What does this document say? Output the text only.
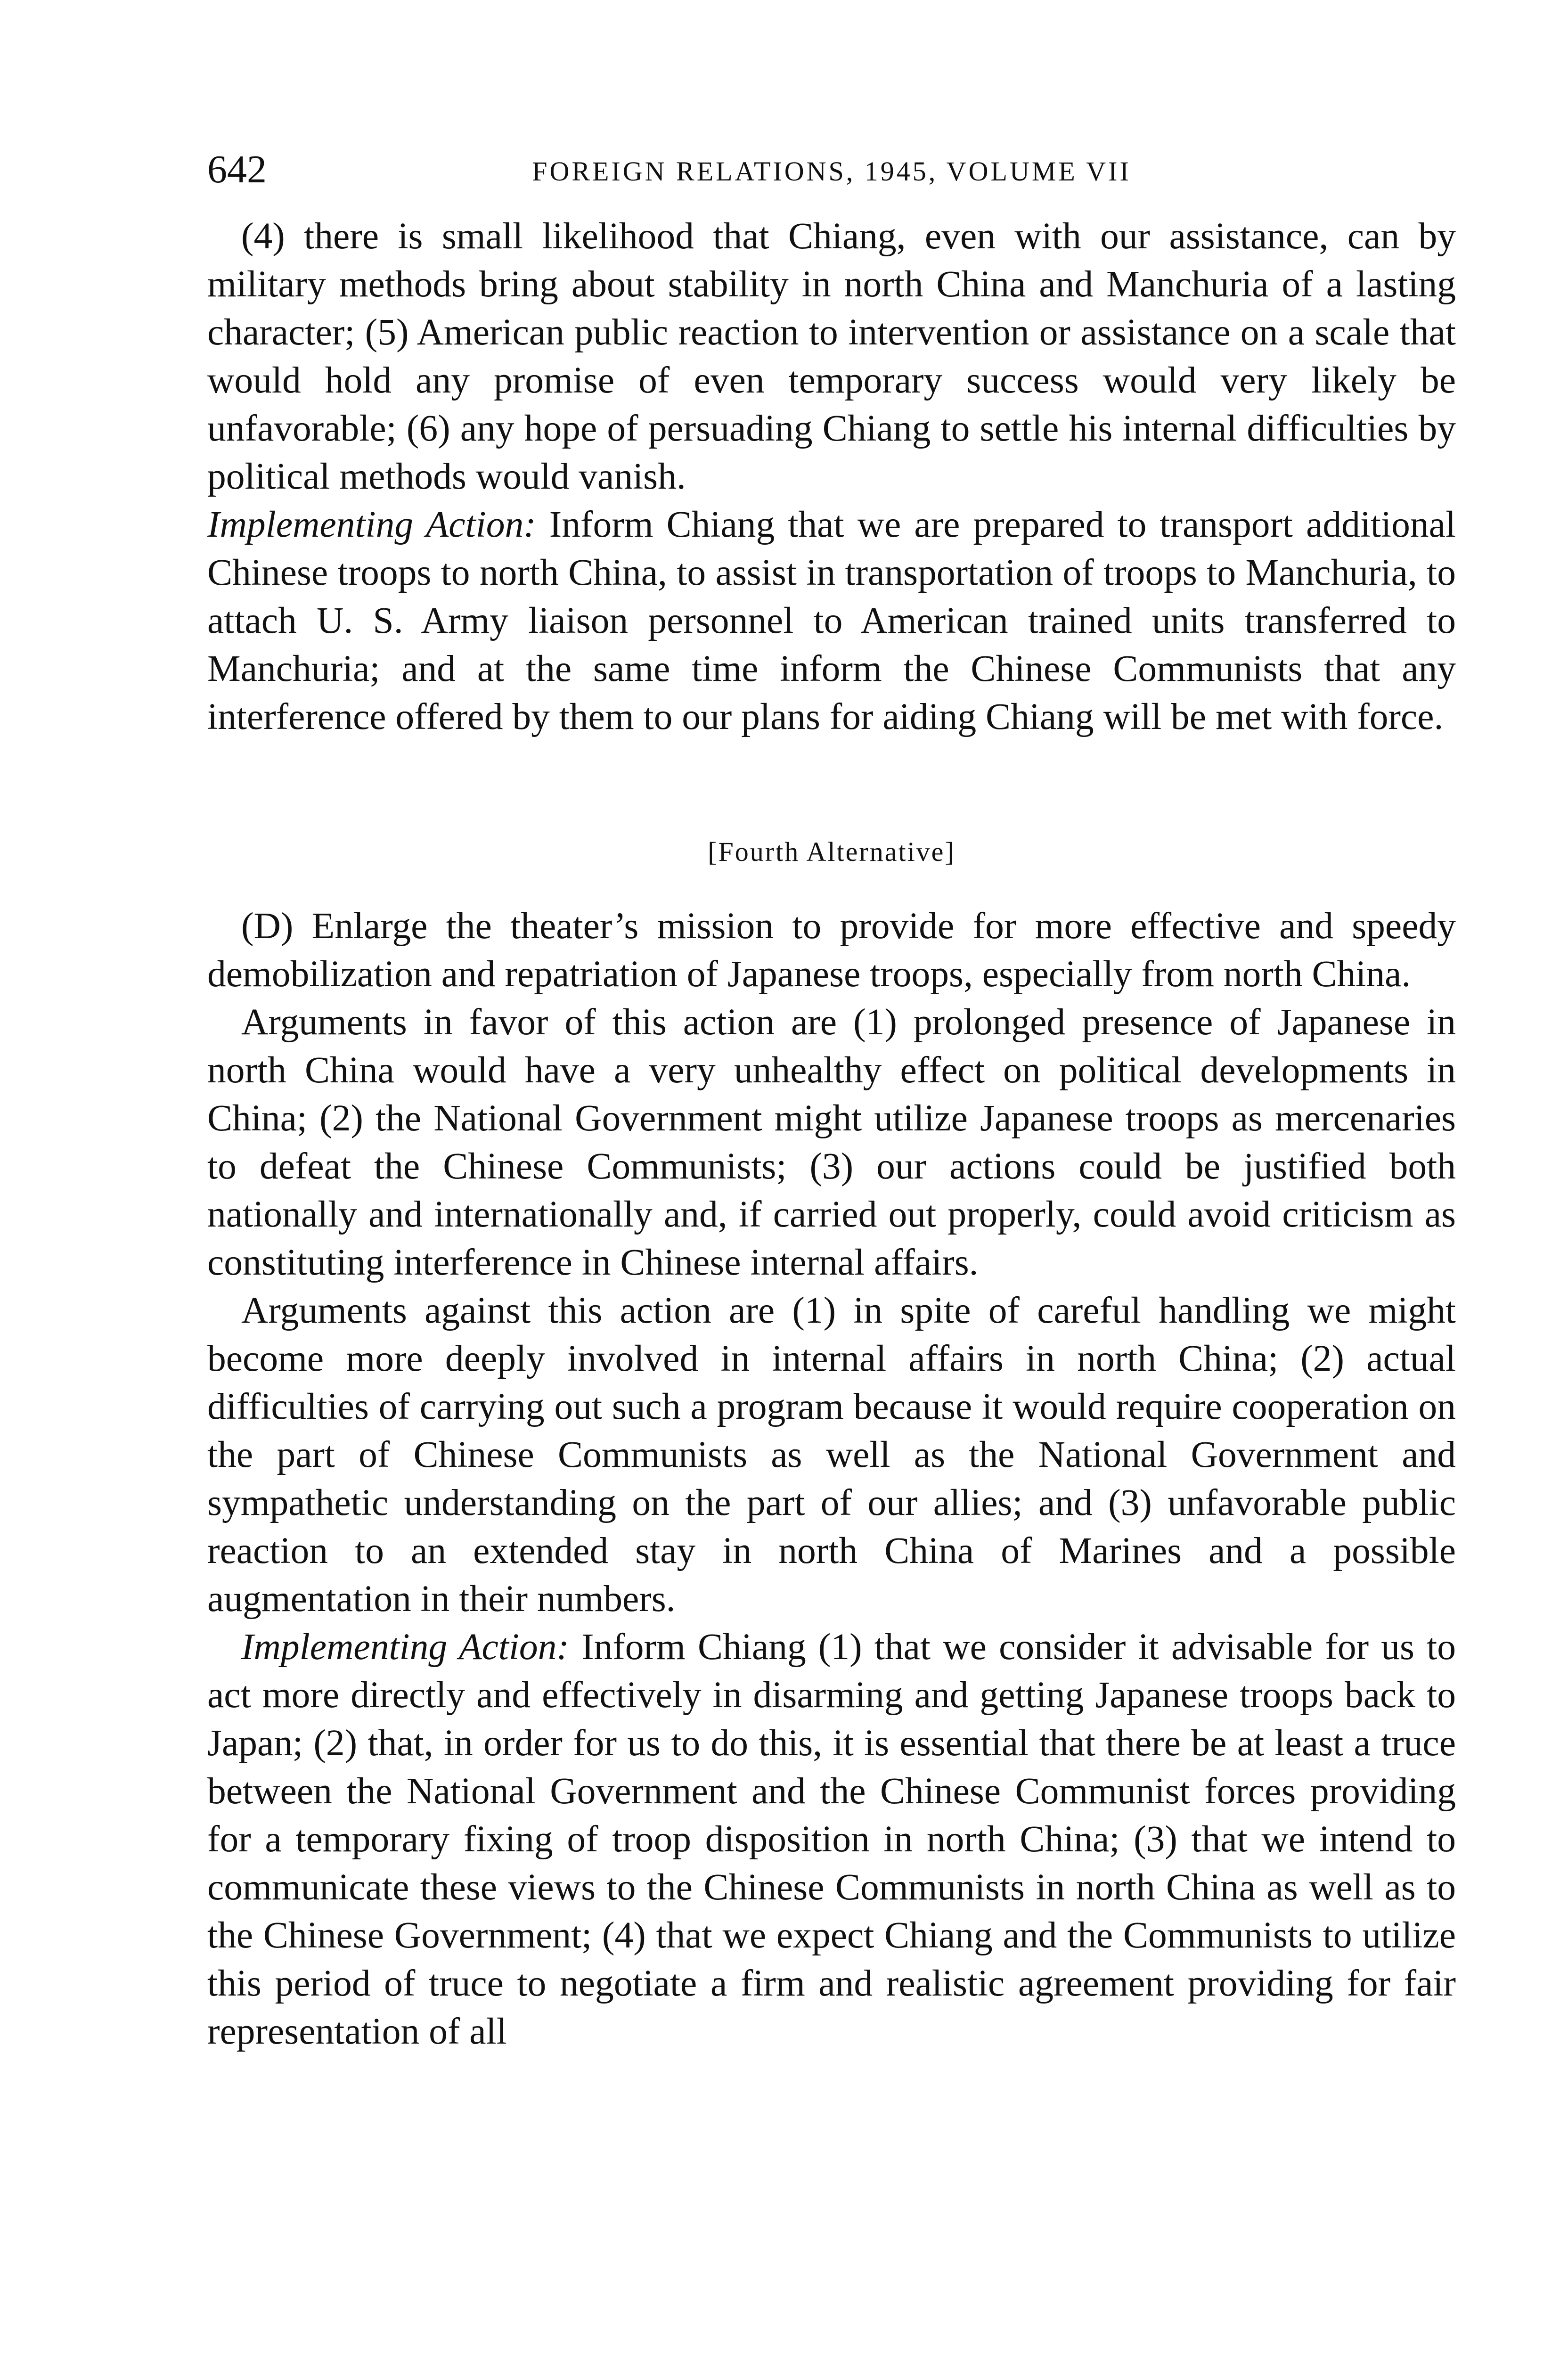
642	FOREIGN RELATIONS, 1945, VOLUME VII

(4) there is small likelihood that Chiang, even with our assistance, can by military methods bring about stability in north China and Manchuria of a lasting character; (5) American public reaction to intervention or assistance on a scale that would hold any promise of even temporary success would very likely be unfavorable; (6) any hope of persuading Chiang to settle his internal difficulties by political methods would vanish.

Implementing Action: Inform Chiang that we are prepared to transport additional Chinese troops to north China, to assist in transportation of troops to Manchuria, to attach U. S. Army liaison personnel to American trained units transferred to Manchuria; and at the same time inform the Chinese Communists that any interference offered by them to our plans for aiding Chiang will be met with force.

[Fourth Alternative]

(D) Enlarge the theater’s mission to provide for more effective and speedy demobilization and repatriation of Japanese troops, especially from north China.

Arguments in favor of this action are (1) prolonged presence of Japanese in north China would have a very unhealthy effect on political developments in China; (2) the National Government might utilize Japanese troops as mercenaries to defeat the Chinese Communists; (3) our actions could be justified both nationally and internationally and, if carried out properly, could avoid criticism as constituting interference in Chinese internal affairs.

Arguments against this action are (1) in spite of careful handling we might become more deeply involved in internal affairs in north China; (2) actual difficulties of carrying out such a program because it would require cooperation on the part of Chinese Communists as well as the National Government and sympathetic understanding on the part of our allies; and (3) unfavorable public reaction to an extended stay in north China of Marines and a possible augmentation in their numbers.

Implementing Action: Inform Chiang (1) that we consider it advisable for us to act more directly and effectively in disarming and getting Japanese troops back to Japan; (2) that, in order for us to do this, it is essential that there be at least a truce between the National Government and the Chinese Communist forces providing for a temporary fixing of troop disposition in north China; (3) that we intend to communicate these views to the Chinese Communists in north China as well as to the Chinese Government; (4) that we expect Chiang and the Communists to utilize this period of truce to negotiate a firm and realistic agreement providing for fair representation of all
